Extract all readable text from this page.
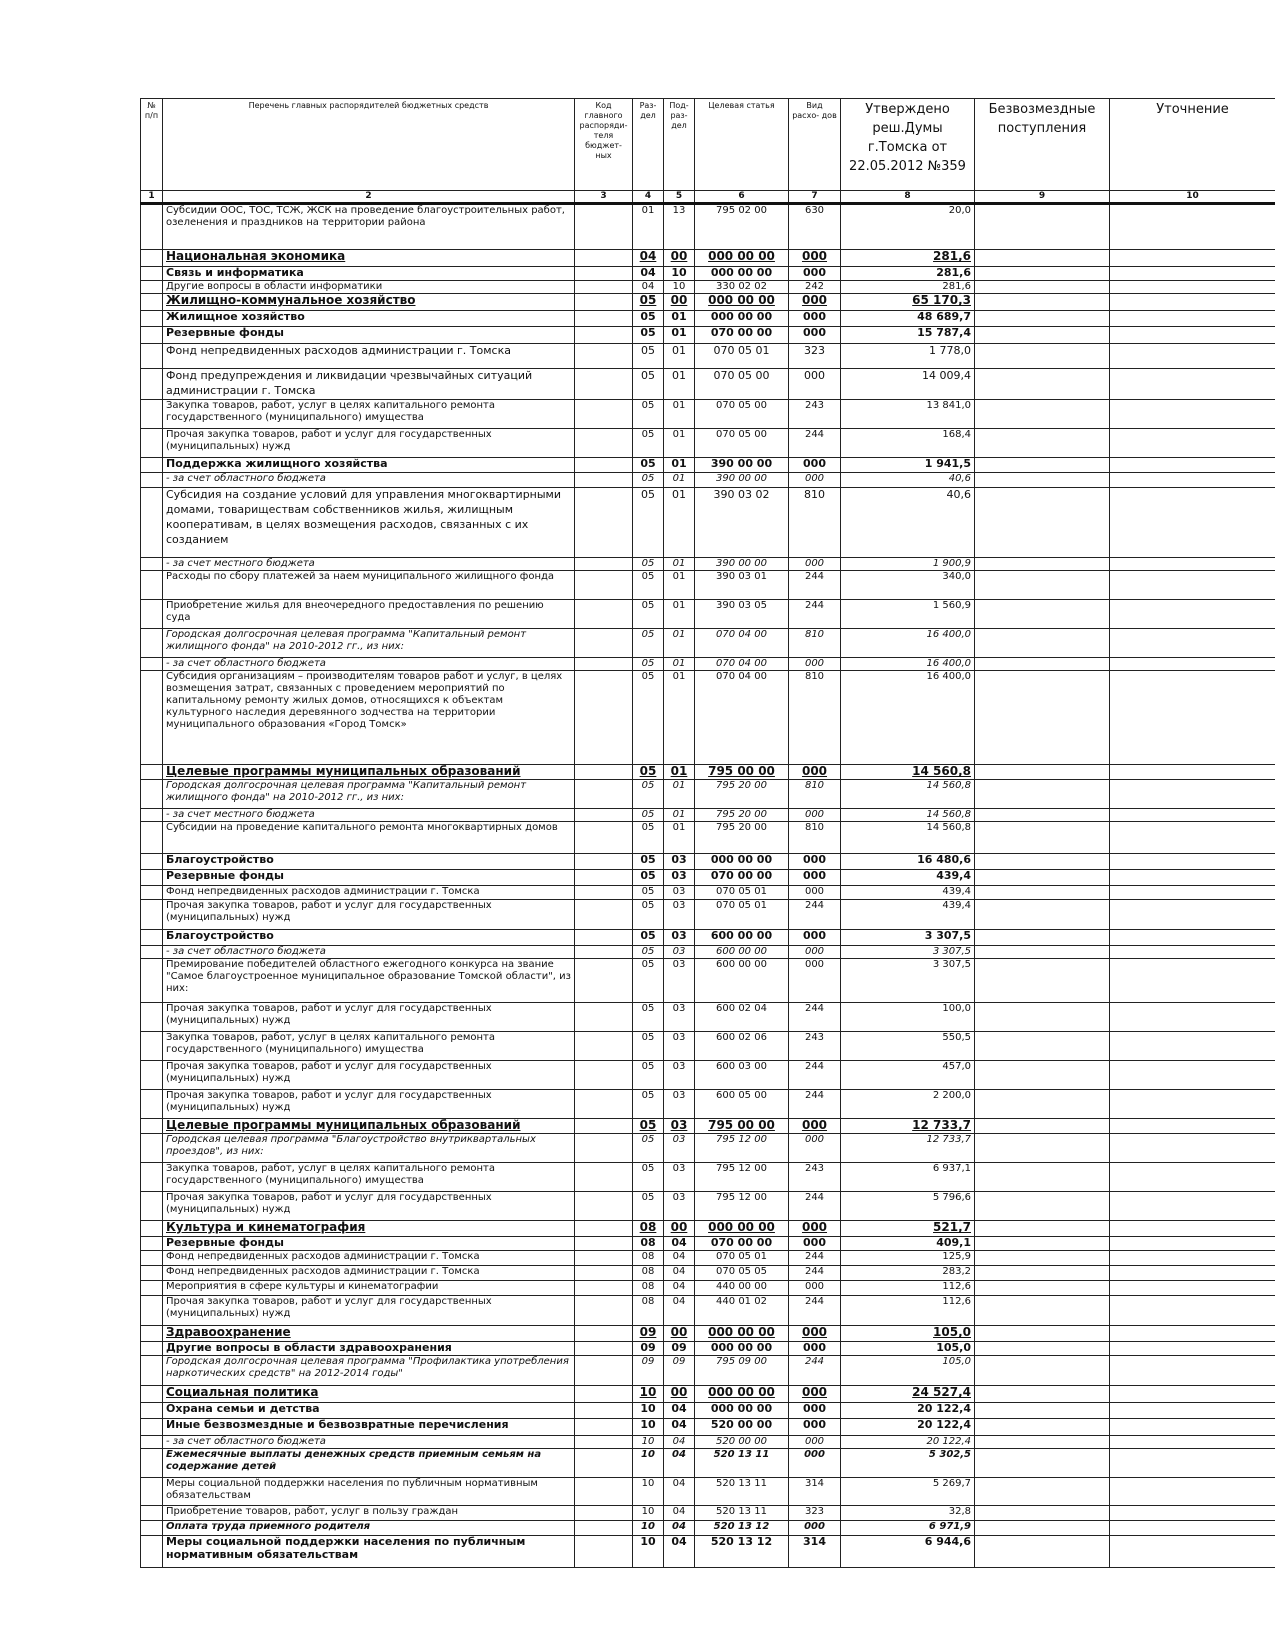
№ п/п	Перечень главных распорядителей бюджетных средств	Код главного распоряди- теля бюджет- ных	Раз- дел	Под- раз- дел	Целевая статья	Вид расхо- дов	Утверждено реш.Думы г.Томска от 22.05.2012 №359	Безвозмездные поступления	Уточнение
1	2	3	4	5	6	7	8	9	10
	Субсидии ООС, ТОС, ТСЖ, ЖСК на проведение благоустроительных работ, озеленения и праздников на территории района		01	13	795 02 00	630	20,0		
	Национальная экономика		04	00	000 00 00	000	281,6		
	Связь и информатика		04	10	000 00 00	000	281,6		
	Другие вопросы в области информатики		04	10	330 02 02	242	281,6		
	Жилищно-коммунальное хозяйство		05	00	000 00 00	000	65 170,3		
	Жилищное хозяйство		05	01	000 00 00	000	48 689,7		
	Резервные фонды		05	01	070 00 00	000	15 787,4		
	Фонд непредвиденных расходов администрации г. Томска		05	01	070 05 01	323	1 778,0		
	Фонд предупреждения и ликвидации чрезвычайных ситуаций администрации г. Томска		05	01	070 05 00	000	14 009,4		
	Закупка товаров, работ, услуг в целях капитального ремонта государственного (муниципального) имущества		05	01	070 05 00	243	13 841,0		
	Прочая закупка товаров, работ и услуг для государственных (муниципальных) нужд		05	01	070 05 00	244	168,4		
	Поддержка жилищного хозяйства		05	01	390 00 00	000	1 941,5		
	- за счет областного бюджета		05	01	390 00 00	000	40,6		
	Субсидия на создание условий для управления многоквартирными домами, товариществам собственников жилья, жилищным кооперативам, в целях возмещения расходов, связанных с их созданием		05	01	390 03 02	810	40,6		
	- за счет местного бюджета		05	01	390 00 00	000	1 900,9		
	Расходы по сбору платежей за наем муниципального жилищного фонда		05	01	390 03 01	244	340,0		
	Приобретение жилья для внеочередного предоставления по решению суда		05	01	390 03 05	244	1 560,9		
	Городская долгосрочная целевая программа "Капитальный ремонт жилищного фонда" на 2010-2012 гг., из них:		05	01	070 04 00	810	16 400,0		
	- за счет областного бюджета		05	01	070 04 00	000	16 400,0		
	Субсидия организациям – производителям товаров работ и услуг, в целях возмещения затрат, связанных с проведением мероприятий по капитальному ремонту жилых домов, относящихся к объектам культурного наследия деревянного зодчества на территории муниципального образования «Город Томск»		05	01	070 04 00	810	16 400,0		
	Целевые программы муниципальных образований		05	01	795 00 00	000	14 560,8		
	Городская долгосрочная целевая программа "Капитальный ремонт жилищного фонда" на 2010-2012 гг., из них:		05	01	795 20 00	810	14 560,8		
	- за счет местного бюджета		05	01	795 20 00	000	14 560,8		
	Субсидии на проведение капитального ремонта многоквартирных домов		05	01	795 20 00	810	14 560,8		
	Благоустройство		05	03	000 00 00	000	16 480,6		
	Резервные фонды		05	03	070 00 00	000	439,4		
	Фонд непредвиденных расходов администрации г. Томска		05	03	070 05 01	000	439,4		
	Прочая закупка товаров, работ и услуг для государственных (муниципальных) нужд		05	03	070 05 01	244	439,4		
	Благоустройство		05	03	600 00 00	000	3 307,5		
	- за счет областного бюджета		05	03	600 00 00	000	3 307,5		
	Премирование победителей областного ежегодного конкурса на звание "Самое благоустроенное муниципальное образование Томской области", из них:		05	03	600 00 00	000	3 307,5		
	Прочая закупка товаров, работ и услуг для государственных (муниципальных) нужд		05	03	600 02 04	244	100,0		
	Закупка товаров, работ, услуг в целях капитального ремонта государственного (муниципального) имущества		05	03	600 02 06	243	550,5		
	Прочая закупка товаров, работ и услуг для государственных (муниципальных) нужд		05	03	600 03 00	244	457,0		
	Прочая закупка товаров, работ и услуг для государственных (муниципальных) нужд		05	03	600 05 00	244	2 200,0		
	Целевые программы муниципальных образований		05	03	795 00 00	000	12 733,7		
	Городская целевая программа "Благоустройство внутриквартальных проездов", из них:		05	03	795 12 00	000	12 733,7		
	Закупка товаров, работ, услуг в целях капитального ремонта государственного (муниципального) имущества		05	03	795 12 00	243	6 937,1		
	Прочая закупка товаров, работ и услуг для государственных (муниципальных) нужд		05	03	795 12 00	244	5 796,6		
	Культура и кинематография		08	00	000 00 00	000	521,7		
	Резервные фонды		08	04	070 00 00	000	409,1		
	Фонд непредвиденных расходов администрации г. Томска		08	04	070 05 01	244	125,9		
	Фонд непредвиденных расходов администрации г. Томска		08	04	070 05 05	244	283,2		
	Мероприятия в сфере культуры и кинематографии		08	04	440 00 00	000	112,6		
	Прочая закупка товаров, работ и услуг для государственных (муниципальных) нужд		08	04	440 01 02	244	112,6		
	Здравоохранение		09	00	000 00 00	000	105,0		
	Другие вопросы в области здравоохранения		09	09	000 00 00	000	105,0		
	Городская долгосрочная целевая программа "Профилактика употребления наркотических средств" на 2012-2014 годы"		09	09	795 09 00	244	105,0		
	Социальная политика		10	00	000 00 00	000	24 527,4		
	Охрана семьи и детства		10	04	000 00 00	000	20 122,4		
	Иные безвозмездные и безвозвратные перечисления		10	04	520 00 00	000	20 122,4		
	- за счет областного бюджета		10	04	520 00 00	000	20 122,4		
	Ежемесячные выплаты денежных средств приемным семьям на содержание детей		10	04	520 13 11	000	5 302,5		
	Меры социальной поддержки населения по публичным нормативным обязательствам		10	04	520 13 11	314	5 269,7		
	Приобретение товаров, работ, услуг в пользу граждан		10	04	520 13 11	323	32,8		
	Оплата труда приемного родителя		10	04	520 13 12	000	6 971,9		
	Меры социальной поддержки населения по публичным нормативным обязательствам		10	04	520 13 12	314	6 944,6		
